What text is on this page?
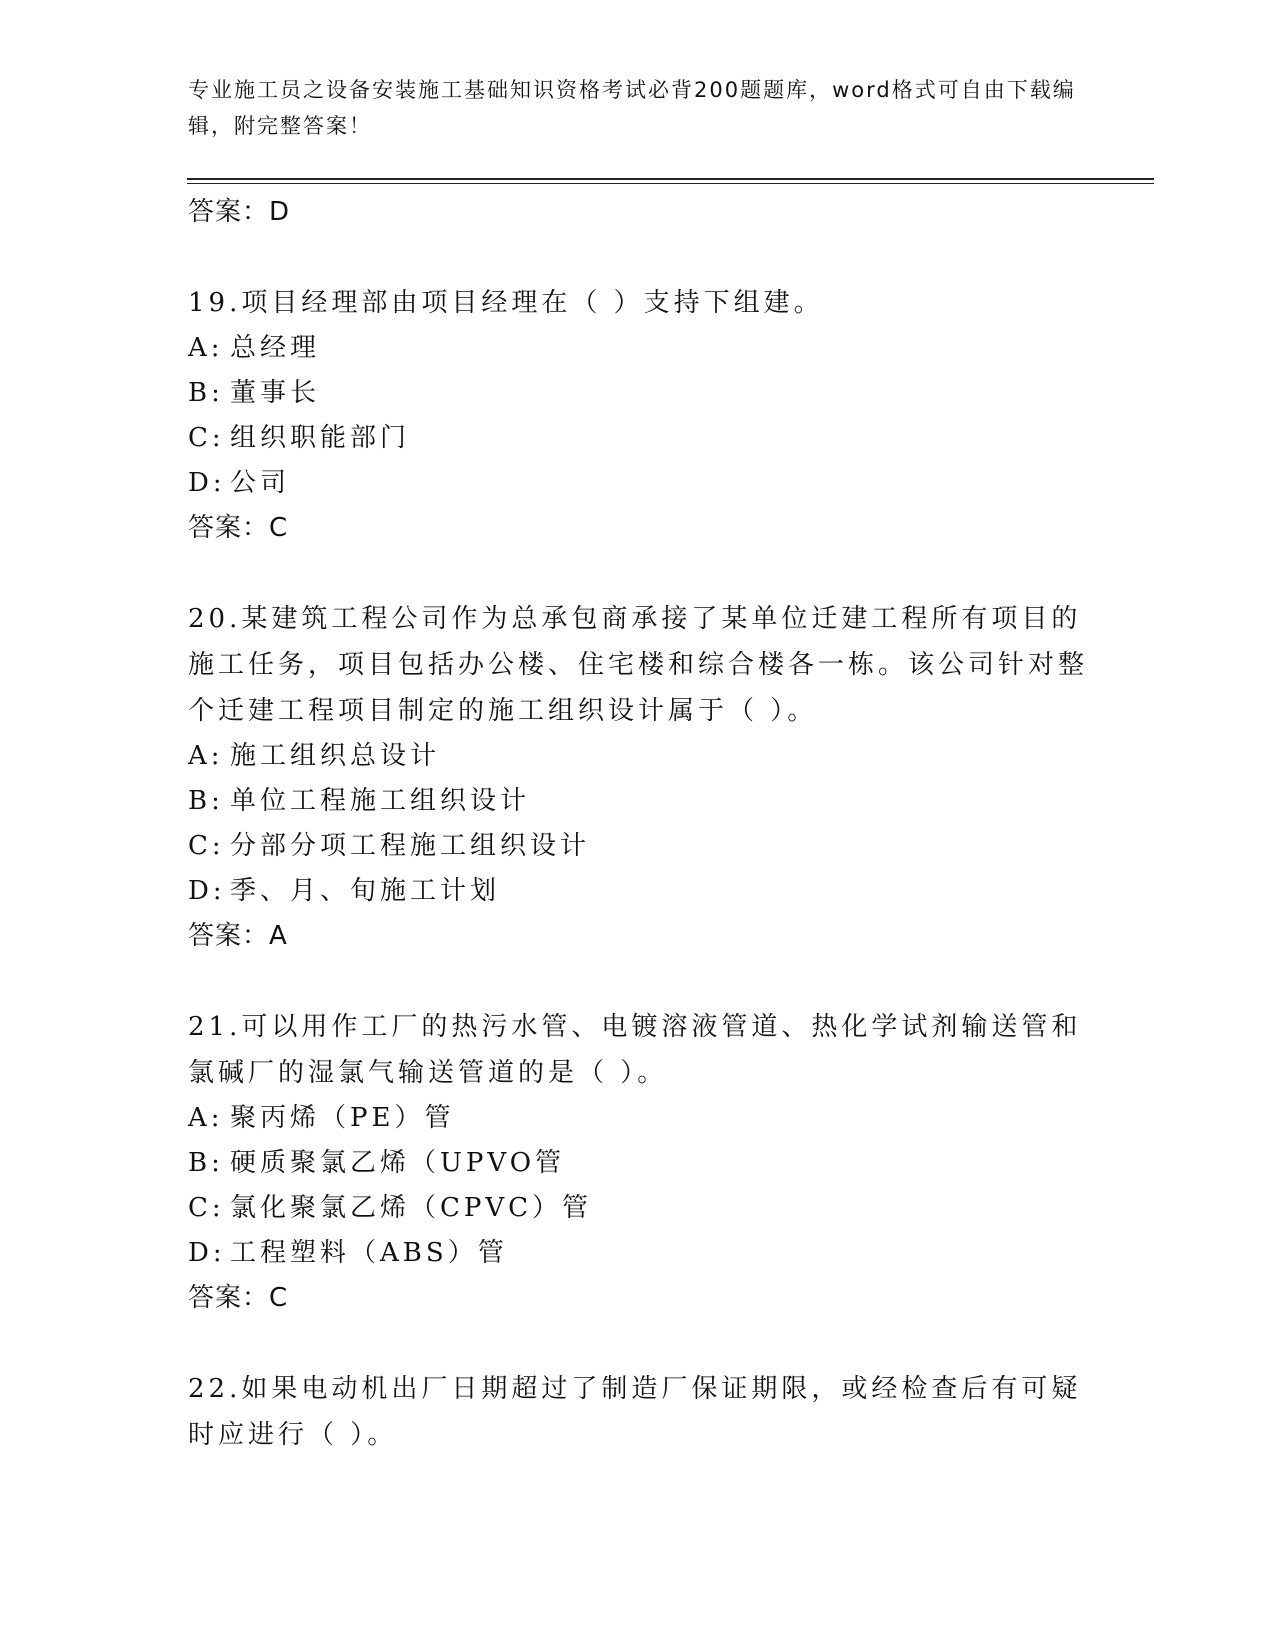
专业施工员之设备安装施工基础知识资格考试必背200题题库，word格式可自由下载编辑，附完整答案！
答案：D
19.项目经理部由项目经理在（ ）支持下组建。
A: 总经理
B: 董事长
C: 组织职能部门
D: 公司
答案：C
20.某建筑工程公司作为总承包商承接了某单位迁建工程所有项目的施工任务，项目包括办公楼、住宅楼和综合楼各一栋。该公司针对整个迁建工程项目制定的施工组织设计属于（ ）。
A: 施工组织总设计
B: 单位工程施工组织设计
C: 分部分项工程施工组织设计
D: 季、月、旬施工计划
答案：A
21.可以用作工厂的热污水管、电镀溶液管道、热化学试剂输送管和氯碱厂的湿氯气输送管道的是（ ）。
A: 聚丙烯（PE）管
B: 硬质聚氯乙烯（UPVO管
C: 氯化聚氯乙烯（CPVC）管
D: 工程塑料（ABS）管
答案：C
22.如果电动机出厂日期超过了制造厂保证期限，或经检查后有可疑时应进行（ ）。
